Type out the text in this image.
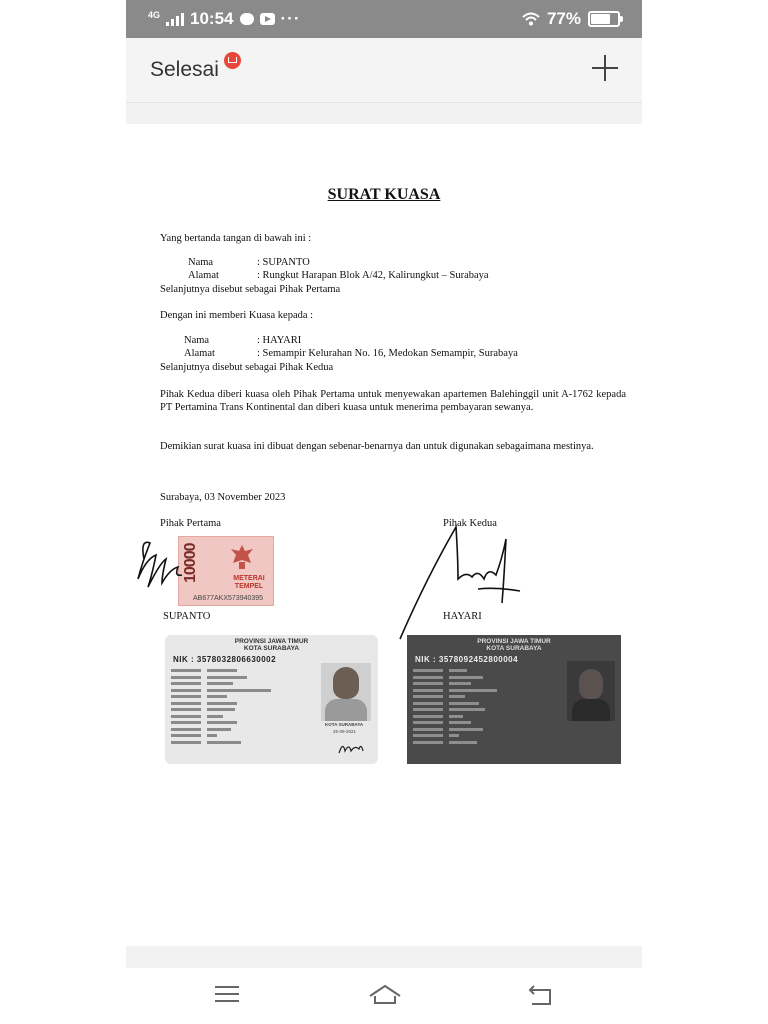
4G 10:54	···	77%
Selesai
SURAT KUASA
Yang bertanda tangan di bawah ini :
Nama	: SUPANTO
Alamat	: Rungkut Harapan Blok A/42, Kalirungkut – Surabaya
Selanjutnya disebut sebagai Pihak Pertama
Dengan ini memberi Kuasa kepada :
Nama	: HAYARI
Alamat	: Semampir Kelurahan No. 16, Medokan Semampir, Surabaya
Selanjutnya disebut sebagai Pihak Kedua
Pihak Kedua diberi kuasa oleh Pihak Pertama untuk menyewakan apartemen Balehinggil unit A-1762 kepada PT Pertamina Trans Kontinental dan diberi kuasa untuk menerima pembayaran sewanya.
Demikian surat kuasa ini dibuat dengan sebenar-benarnya dan untuk digunakan sebagaimana mestinya.
Surabaya, 03 November 2023
Pihak Pertama	Pihak Kedua
10000	METERAI TEMPEL
AB677AKX573940395
SUPANTO	HAYARI
PROVINSI JAWA TIMUR
KOTA SURABAYA
NIK : 3578032806630002
KOTA SURABAYA
26-09-2021
PROVINSI JAWA TIMUR
KOTA SURABAYA
NIK : 3578092452800004
